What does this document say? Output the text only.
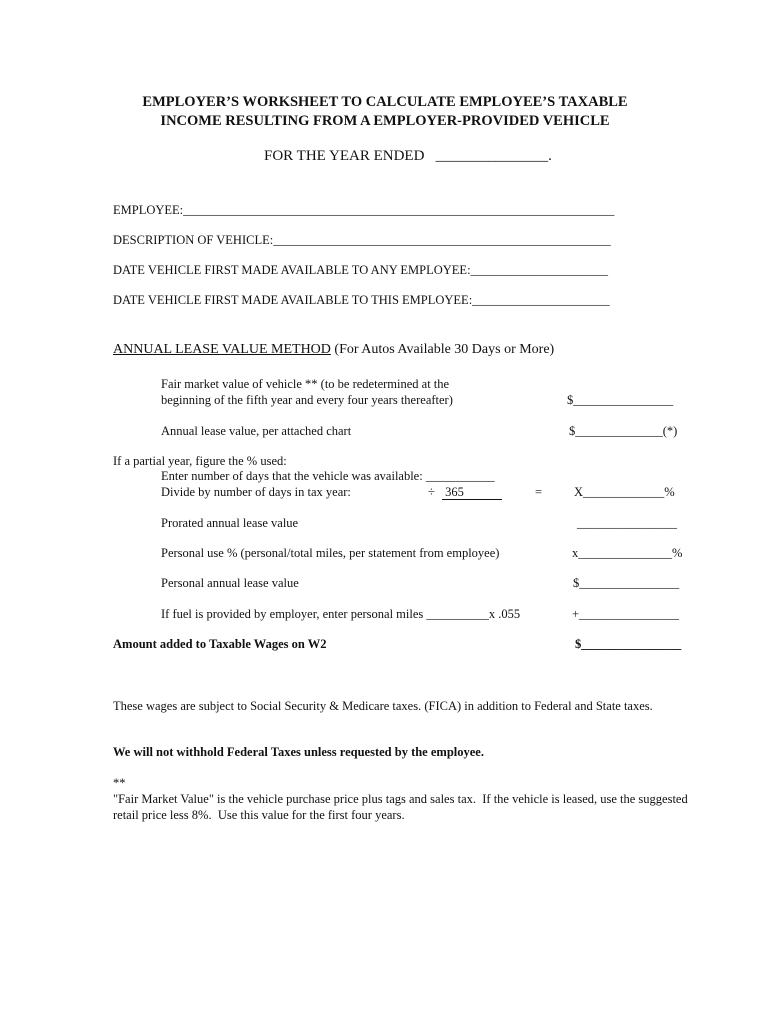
EMPLOYER’S WORKSHEET TO CALCULATE EMPLOYEE’S TAXABLE
INCOME RESULTING FROM A EMPLOYER-PROVIDED VEHICLE
FOR THE YEAR ENDED   _______________.
EMPLOYEE:_____________________________________________________________________
DESCRIPTION OF VEHICLE:______________________________________________________
DATE VEHICLE FIRST MADE AVAILABLE TO ANY EMPLOYEE:______________________
DATE VEHICLE FIRST MADE AVAILABLE TO THIS EMPLOYEE:______________________
ANNUAL LEASE VALUE METHOD (For Autos Available 30 Days or More)
Fair market value of vehicle ** (to be redetermined at the
beginning of the fifth year and every four years thereafter)	$________________
Annual lease value, per attached chart	$______________(*)
If a partial year, figure the % used:
Enter number of days that the vehicle was available: ___________
Divide by number of days in tax year:	÷ 365	=	X_____________%
Prorated annual lease value	________________
Personal use % (personal/total miles, per statement from employee)	x_______________%
Personal annual lease value	$________________
If fuel is provided by employer, enter personal miles __________x .055	+________________
Amount added to Taxable Wages on W2	$________________
These wages are subject to Social Security & Medicare taxes. (FICA) in addition to Federal and State taxes.
We will not withhold Federal Taxes unless requested by the employee.
**
"Fair Market Value" is the vehicle purchase price plus tags and sales tax.  If the vehicle is leased, use the suggested
retail price less 8%.  Use this value for the first four years.
